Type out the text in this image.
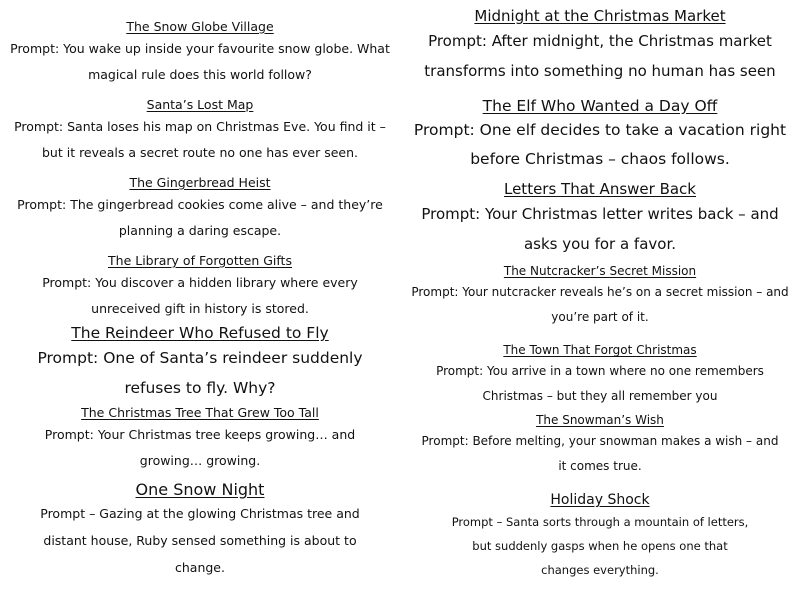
The Snow Globe Village

Prompt: You wake up inside your favourite snow globe. What magical rule does this world follow?

Santa’s Lost Map

Prompt: Santa loses his map on Christmas Eve. You find it – but it reveals a secret route no one has ever seen.

The Gingerbread Heist

Prompt: The gingerbread cookies come alive – and they’re planning a daring escape.

The Library of Forgotten Gifts

Prompt: You discover a hidden library where every unreceived gift in history is stored.

The Reindeer Who Refused to Fly

Prompt: One of Santa’s reindeer suddenly refuses to fly. Why?

The Christmas Tree That Grew Too Tall

Prompt: Your Christmas tree keeps growing… and growing… growing.

One Snow Night

Prompt – Gazing at the glowing Christmas tree and distant house, Ruby sensed something is about to change.

Midnight at the Christmas Market

Prompt: After midnight, the Christmas market transforms into something no human has seen

The Elf Who Wanted a Day Off

Prompt: One elf decides to take a vacation right before Christmas – chaos follows.

Letters That Answer Back

Prompt: Your Christmas letter writes back – and asks you for a favor.

The Nutcracker’s Secret Mission

Prompt: Your nutcracker reveals he’s on a secret mission – and you’re part of it.

The Town That Forgot Christmas

Prompt: You arrive in a town where no one remembers Christmas – but they all remember you

The Snowman’s Wish

Prompt: Before melting, your snowman makes a wish – and it comes true.

Holiday Shock

Prompt – Santa sorts through a mountain of letters, but suddenly gasps when he opens one that changes everything.
